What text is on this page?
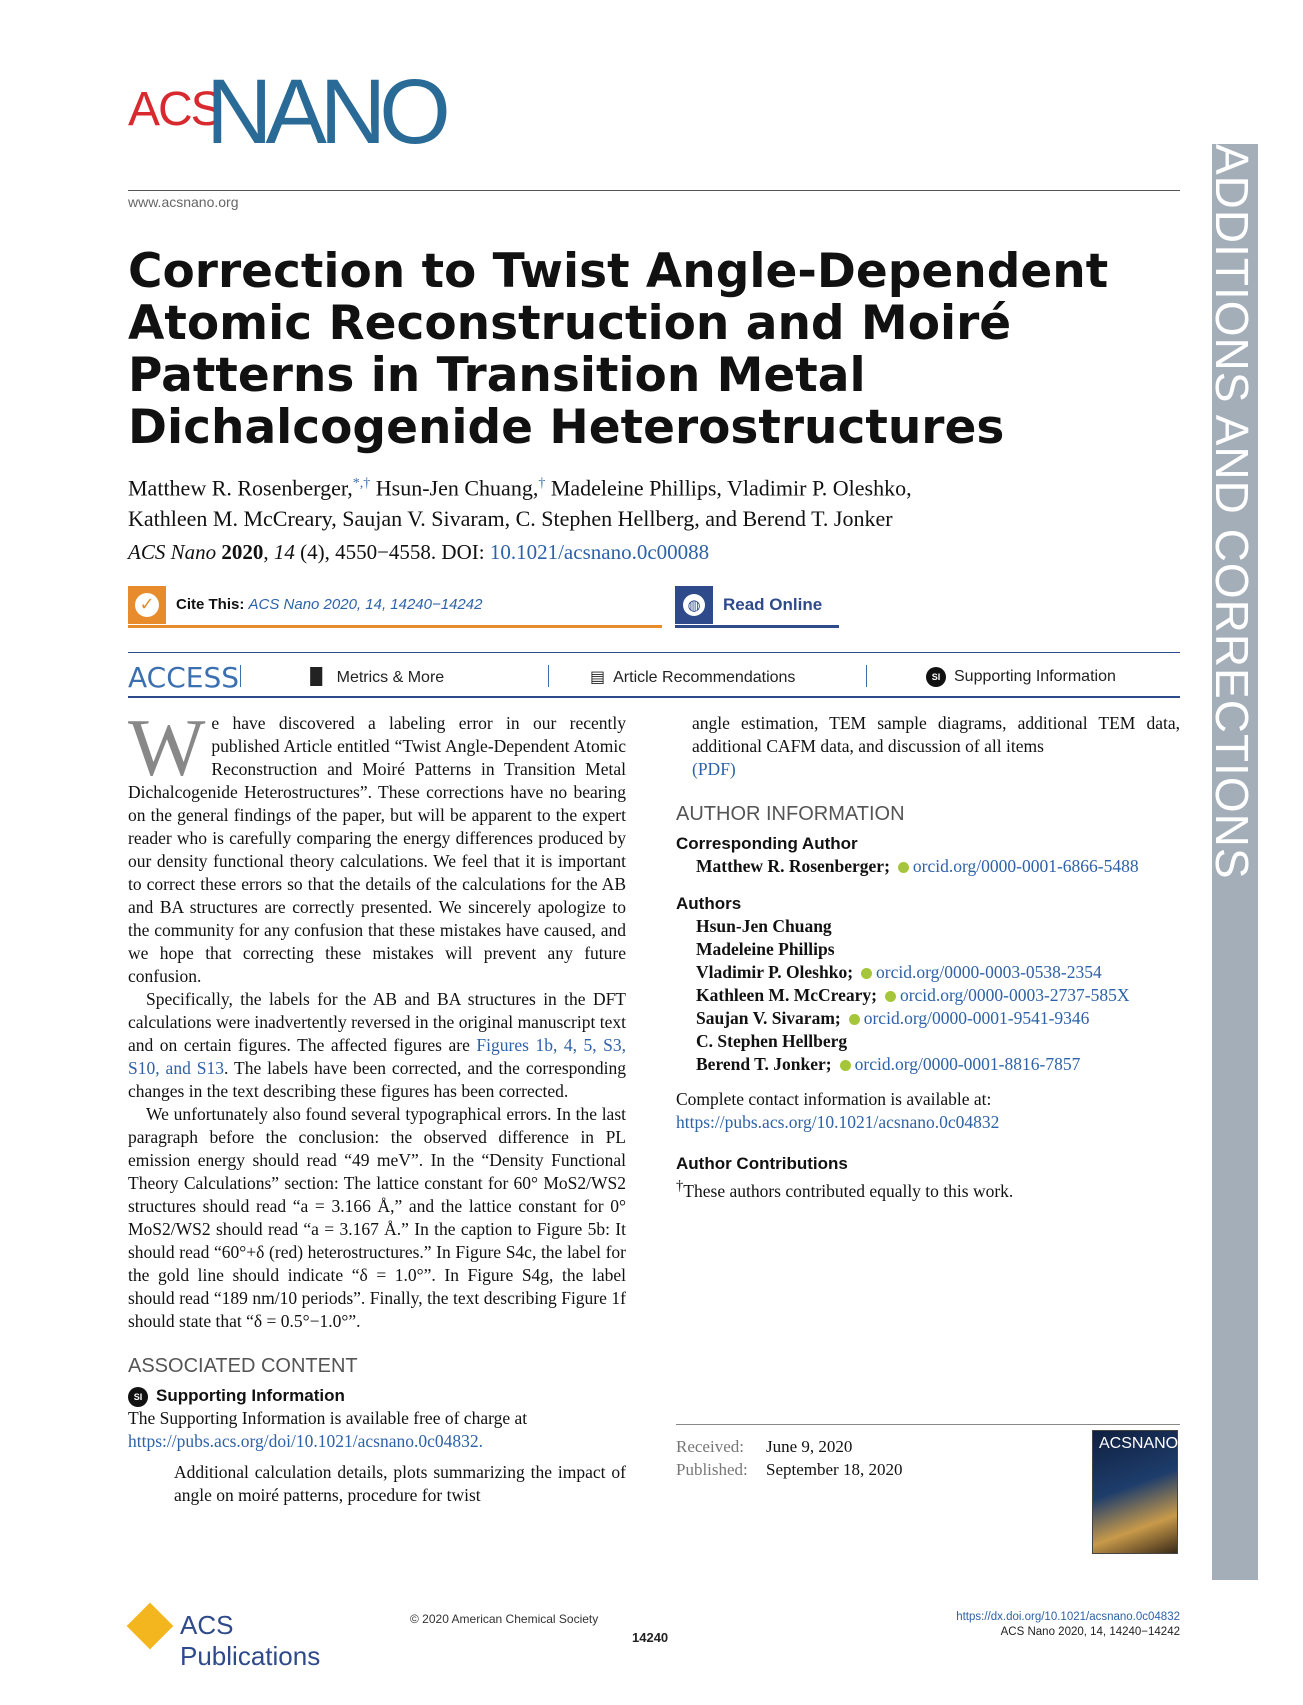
ACS
NANO
www.acsnano.org	ADDITIONS AND CORRECTIONS
Correction to Twist Angle-Dependent Atomic Reconstruction and Moiré Patterns in Transition Metal Dichalcogenide Heterostructures
Matthew R. Rosenberger,*,† Hsun-Jen Chuang,† Madeleine Phillips, Vladimir P. Oleshko,
Kathleen M. McCreary, Saujan V. Sivaram, C. Stephen Hellberg, and Berend T. Jonker
ACS Nano 2020, 14 (4), 4550−4558. DOI: 10.1021/acsnano.0c00088
✓ Cite This: ACS Nano 2020, 14, 14240−14242	◍ Read Online
ACCESS	▐▌ Metrics & More	▤ Article Recommendations	SI Supporting Information

We have discovered a labeling error in our recently published Article entitled “Twist Angle-Dependent Atomic Reconstruction and Moiré Patterns in Transition Metal Dichalcogenide Heterostructures”. These corrections have no bearing on the general findings of the paper, but will be apparent to the expert reader who is carefully comparing the energy differences produced by our density functional theory calculations. We feel that it is important to correct these errors so that the details of the calculations for the AB and BA structures are correctly presented. We sincerely apologize to the community for any confusion that these mistakes have caused, and we hope that correcting these mistakes will prevent any future confusion.

Specifically, the labels for the AB and BA structures in the DFT calculations were inadvertently reversed in the original manuscript text and on certain figures. The affected figures are Figures 1b, 4, 5, S3, S10, and S13. The labels have been corrected, and the corresponding changes in the text describing these figures has been corrected.

We unfortunately also found several typographical errors. In the last paragraph before the conclusion: the observed difference in PL emission energy should read “49 meV”. In the “Density Functional Theory Calculations” section: The lattice constant for 60° MoS2/WS2 structures should read “a = 3.166 Å,” and the lattice constant for 0° MoS2/WS2 should read “a = 3.167 Å.” In the caption to Figure 5b: It should read “60°+δ (red) heterostructures.” In Figure S4c, the label for the gold line should indicate “δ = 1.0°”. In Figure S4g, the label should read “189 nm/10 periods”. Finally, the text describing Figure 1f should state that “δ = 0.5°−1.0°”.

ASSOCIATED CONTENT
SI Supporting Information

The Supporting Information is available free of charge at
https://pubs.acs.org/doi/10.1021/acsnano.0c04832.

Additional calculation details, plots summarizing the impact of angle on moiré patterns, procedure for twist

angle estimation, TEM sample diagrams, additional TEM data, additional CAFM data, and discussion of all items
(PDF)

AUTHOR INFORMATION
Corresponding Author
Matthew R. Rosenberger; orcid.org/0000-0001-6866-5488
Authors
Hsun-Jen Chuang
Madeleine Phillips
Vladimir P. Oleshko; orcid.org/0000-0003-0538-2354
Kathleen M. McCreary; orcid.org/0000-0003-2737-585X
Saujan V. Sivaram; orcid.org/0000-0001-9541-9346
C. Stephen Hellberg
Berend T. Jonker; orcid.org/0000-0001-8816-7857

Complete contact information is available at:
https://pubs.acs.org/10.1021/acsnano.0c04832

Author Contributions

†These authors contributed equally to this work.

Received: June 9, 2020
Published: September 18, 2020
ACSNANO
ACS Publications
© 2020 American Chemical Society
14240
https://dx.doi.org/10.1021/acsnano.0c04832
ACS Nano 2020, 14, 14240−14242
